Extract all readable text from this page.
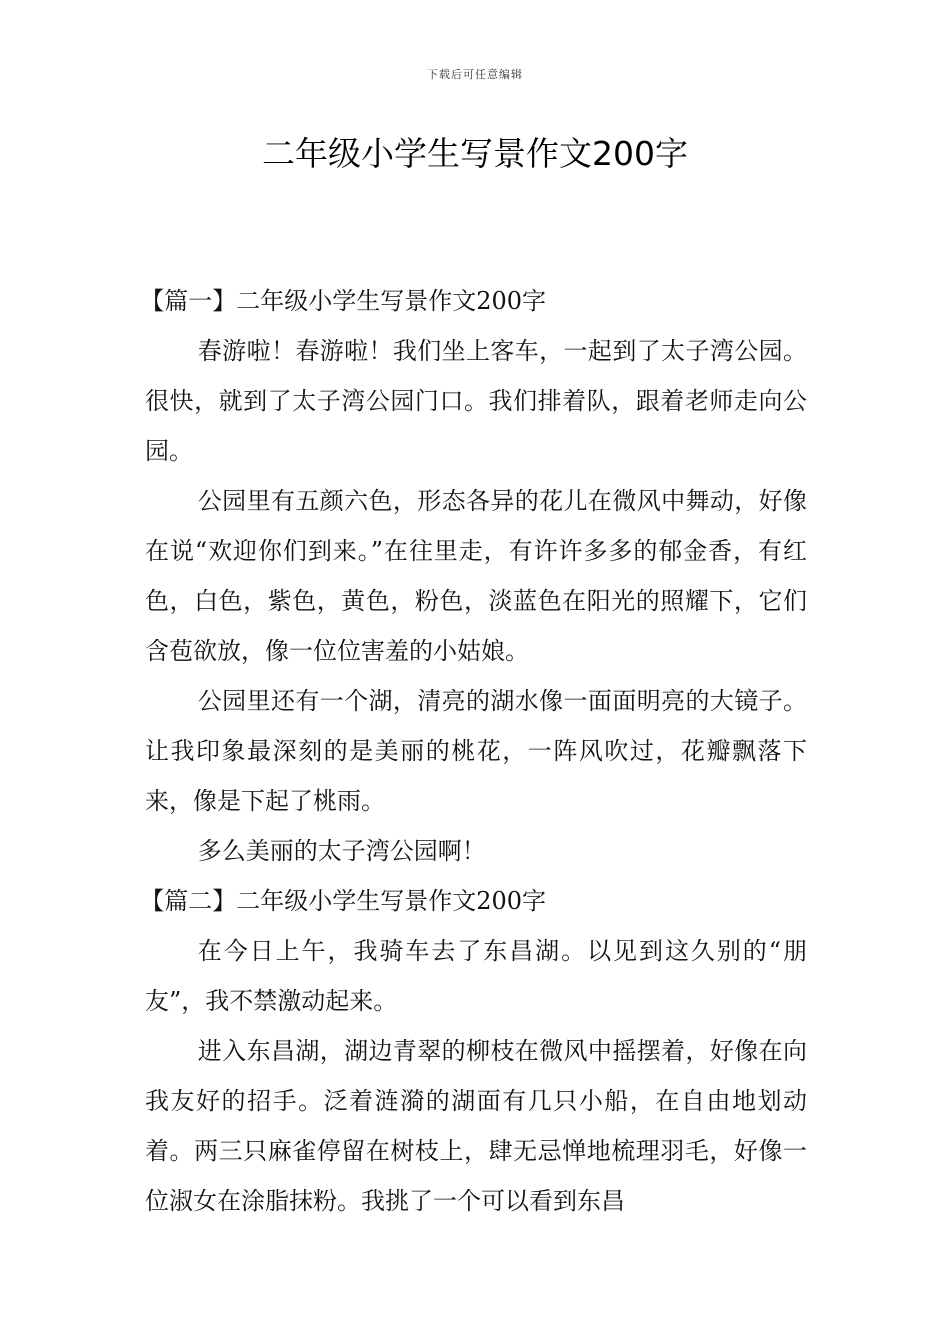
下载后可任意编辑
二年级小学生写景作文200字
【篇一】二年级小学生写景作文200字

春游啦！春游啦！我们坐上客车，一起到了太子湾公园。很快，就到了太子湾公园门口。我们排着队，跟着老师走向公园。

公园里有五颜六色，形态各异的花儿在微风中舞动，好像在说“欢迎你们到来。”在往里走，有许许多多的郁金香，有红色，白色，紫色，黄色，粉色，淡蓝色在阳光的照耀下，它们含苞欲放，像一位位害羞的小姑娘。

公园里还有一个湖，清亮的湖水像一面面明亮的大镜子。让我印象最深刻的是美丽的桃花，一阵风吹过，花瓣飘落下来，像是下起了桃雨。

多么美丽的太子湾公园啊！

【篇二】二年级小学生写景作文200字

在今日上午，我骑车去了东昌湖。以见到这久别的“朋友”，我不禁激动起来。

进入东昌湖，湖边青翠的柳枝在微风中摇摆着，好像在向我友好的招手。泛着涟漪的湖面有几只小船，在自由地划动着。两三只麻雀停留在树枝上，肆无忌惮地梳理羽毛，好像一位淑女在涂脂抹粉。我挑了一个可以看到东昌
